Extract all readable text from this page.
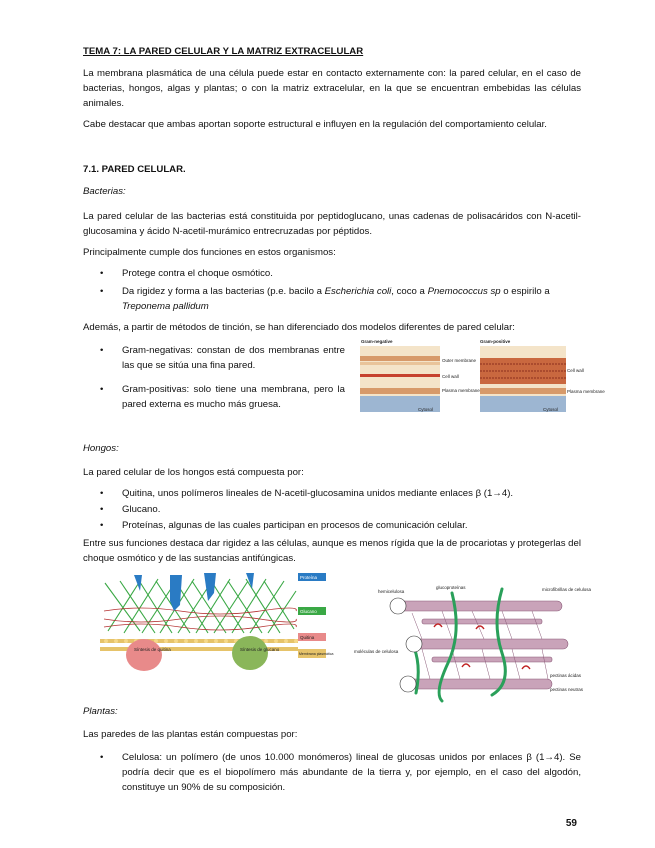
TEMA 7: LA PARED CELULAR Y LA MATRIZ EXTRACELULAR

La membrana plasmática de una célula puede estar en contacto externamente con: la pared celular, en el caso de bacterias, hongos, algas y plantas; o con la matriz extracelular, en la que se encuentran embebidas las células animales.

Cabe destacar que ambas aportan soporte estructural e influyen en la regulación del comportamiento celular.

7.1. PARED CELULAR.

Bacterias:

La pared celular de las bacterias está constituida por peptidoglucano, unas cadenas de polisacáridos con N-acetil-glucosamina y ácido N-acetil-murámico entrecruzadas por péptidos.

Principalmente cumple dos funciones en estos organismos:

• Protege contra el choque osmótico.
• Da rigidez y forma a las bacterias (p.e. bacilo a Escherichia coli, coco a Pnemococcus sp o espirilo a
Treponema pallidum

Además, a partir de métodos de tinción, se han diferenciado dos modelos diferentes de pared celular:

• Gram-negativas: constan de dos membranas entre las que se sitúa una fina pared.
• Gram-positivas: solo tiene una membrana, pero la pared externa es mucho más gruesa.
Gram-negative
Outer membrane
Cell wall
Plasma membrane
Cytosol
Gram-positive
Cell wall
Plasma membrane
Cytosol

Hongos:

La pared celular de los hongos está compuesta por:

• Quitina, unos polímeros lineales de N-acetil-glucosamina unidos mediante enlaces β (1→4).
• Glucano.
• Proteínas, algunas de las cuales participan en procesos de comunicación celular.

Entre sus funciones destaca dar rigidez a las células, aunque es menos rígida que la de procariotas y protegerlas del choque osmótico y de las sustancias antifúngicas.

Síntesis de quitina	Síntesis de glucano
Proteína
Glucano
Quitina
Membrana plasmática
hemicelulosa
glucoproteínas	microfibrillas de celulosa
moléculas de celulosa
pectinas ácidas
pectinas neutras

Plantas:

Las paredes de las plantas están compuestas por:

• Celulosa: un polímero (de unos 10.000 monómeros) lineal de glucosas unidos por enlaces β (1→4). Se podría decir que es el biopolímero más abundante de la tierra y, por ejemplo, en el caso del algodón, constituye un 90% de su composición.
59
